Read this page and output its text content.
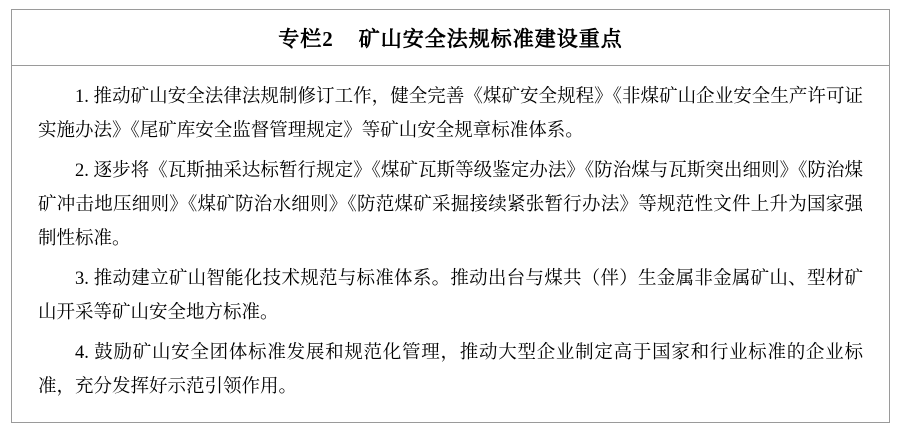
专栏2    矿山安全法规标准建设重点

1. 推动矿山安全法律法规制修订工作，健全完善《煤矿安全规程》《非煤矿山企业安全生产许可证实施办法》《尾矿库安全监督管理规定》等矿山安全规章标准体系。

2. 逐步将《瓦斯抽采达标暂行规定》《煤矿瓦斯等级鉴定办法》《防治煤与瓦斯突出细则》《防治煤矿冲击地压细则》《煤矿防治水细则》《防范煤矿采掘接续紧张暂行办法》等规范性文件上升为国家强制性标准。

3. 推动建立矿山智能化技术规范与标准体系。推动出台与煤共（伴）生金属非金属矿山、型材矿山开采等矿山安全地方标准。

4. 鼓励矿山安全团体标准发展和规范化管理，推动大型企业制定高于国家和行业标准的企业标准，充分发挥好示范引领作用。
